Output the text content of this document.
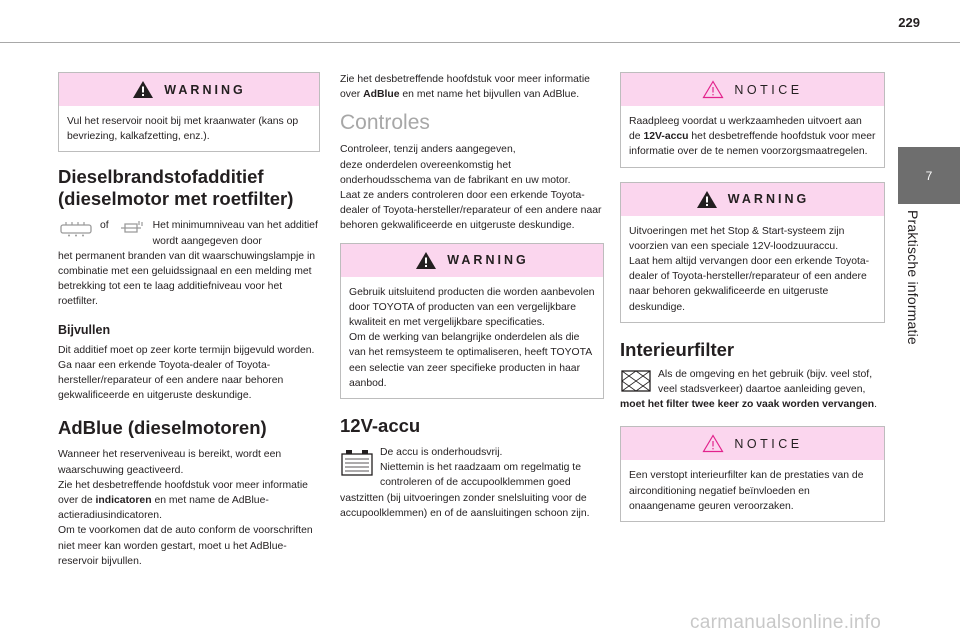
229
7
Praktische informatie
WARNING

Vul het reservoir nooit bij met kraanwater (kans op bevriezing, kalkafzetting, enz.).

Dieselbrandstofadditief (dieselmotor met roetfilter)

of	Het minimumniveau van het additief wordt aangegeven door

het permanent branden van dit waarschuwingslampje in combinatie met een geluidssignaal en een melding met betrekking tot een te laag additiefniveau voor het roetfilter.

Bijvullen

Dit additief moet op zeer korte termijn bijgevuld worden.

Ga naar een erkende Toyota-dealer of Toyota-hersteller/reparateur of een andere naar behoren gekwalificeerde en uitgeruste deskundige.

AdBlue (dieselmotoren)

Wanneer het reserveniveau is bereikt, wordt een waarschuwing geactiveerd.

Zie het desbetreffende hoofdstuk voor meer informatie over de indicatoren en met name de AdBlue-actieradiusindicatoren.

Om te voorkomen dat de auto conform de voorschriften niet meer kan worden gestart, moet u het AdBlue-reservoir bijvullen.

Zie het desbetreffende hoofdstuk voor meer informatie over AdBlue en met name het bijvullen van AdBlue.

Controles

Controleer, tenzij anders aangegeven,

deze onderdelen overeenkomstig het onderhoudsschema van de fabrikant en uw motor.

Laat ze anders controleren door een erkende Toyota-dealer of Toyota-hersteller/reparateur of een andere naar behoren gekwalificeerde en uitgeruste deskundige.

WARNING

Gebruik uitsluitend producten die worden aanbevolen door TOYOTA of producten van een vergelijkbare kwaliteit en met vergelijkbare specificaties.

Om de werking van belangrijke onderdelen als die van het remsysteem te optimaliseren, heeft TOYOTA een selectie van zeer specifieke producten in haar aanbod.

12V-accu

De accu is onderhoudsvrij.

Niettemin is het raadzaam om regelmatig te controleren of de accupoolklemmen goed vastzitten (bij uitvoeringen zonder snelsluiting voor de accupoolklemmen) en of de aansluitingen schoon zijn.

NOTICE

Raadpleeg voordat u werkzaamheden uitvoert aan de 12V-accu het desbetreffende hoofdstuk voor meer informatie over de te nemen voorzorgsmaatregelen.

WARNING

Uitvoeringen met het Stop & Start-systeem zijn voorzien van een speciale 12V-loodzuuraccu.

Laat hem altijd vervangen door een erkende Toyota-dealer of Toyota-hersteller/reparateur of een andere naar behoren gekwalificeerde en uitgeruste deskundige.

Interieurfilter

Als de omgeving en het gebruik (bijv. veel stof, veel stadsverkeer) daartoe aanleiding geven, moet het filter twee keer zo vaak worden vervangen.

NOTICE

Een verstopt interieurfilter kan de prestaties van de airconditioning negatief beïnvloeden en onaangename geuren veroorzaken.

carmanualsonline.info
